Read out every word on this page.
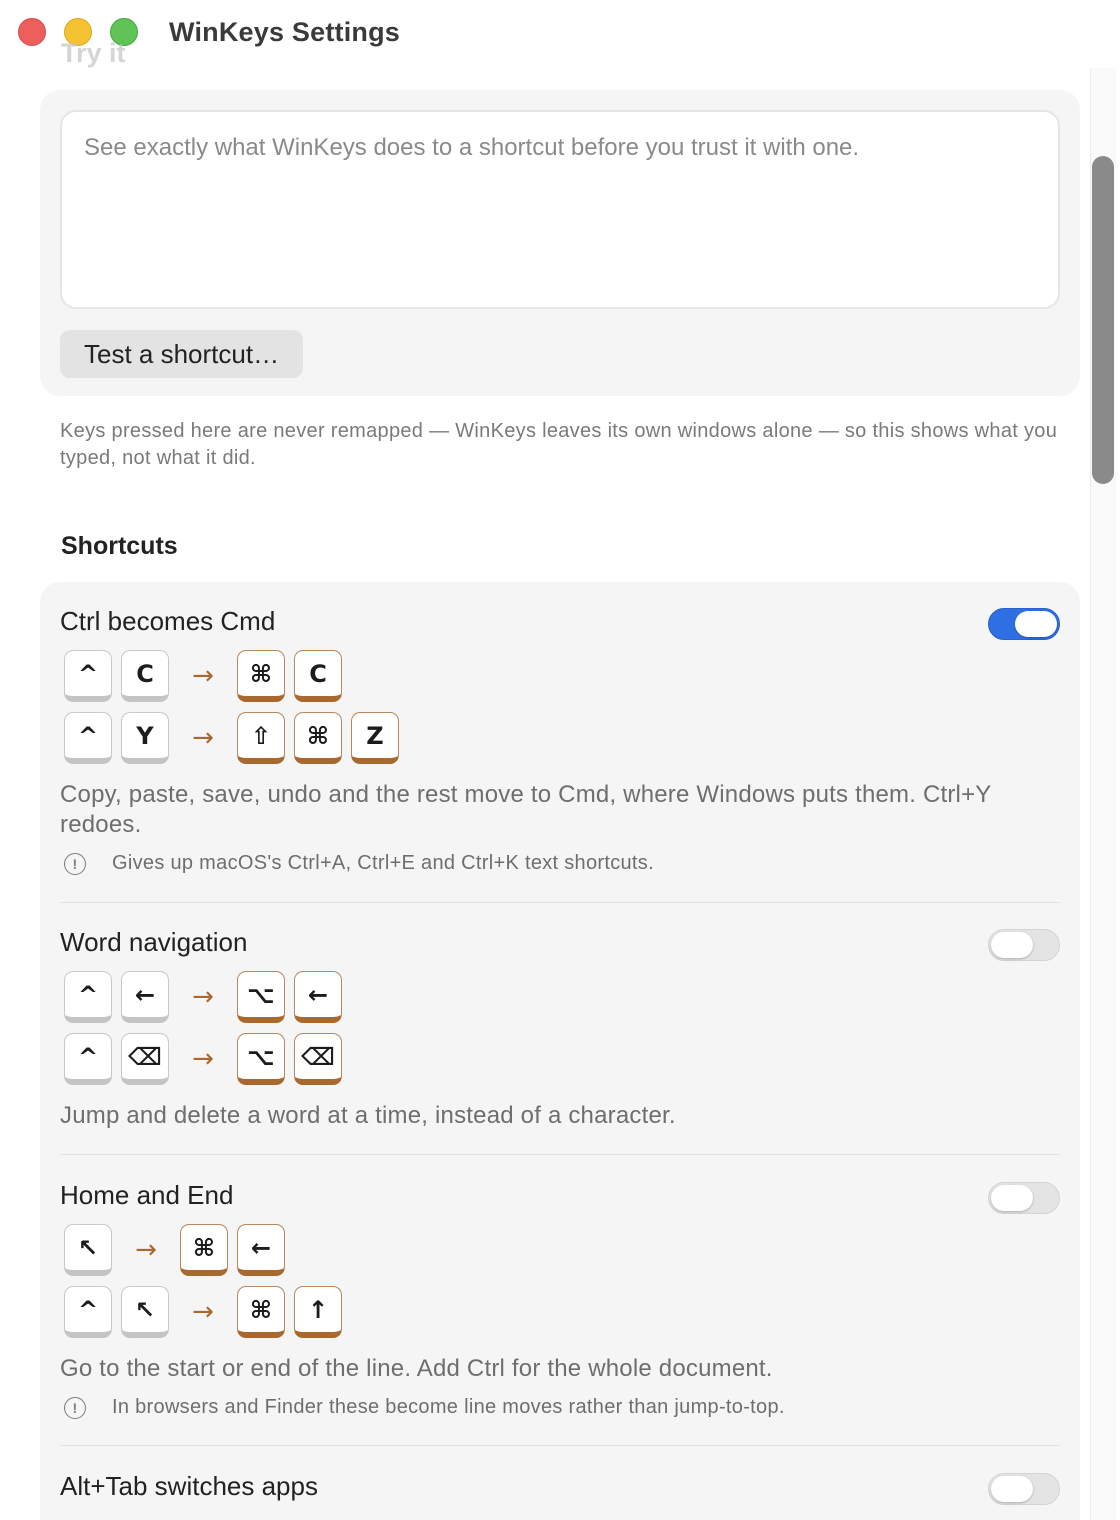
Try it
WinKeys Settings
See exactly what WinKeys does to a shortcut before you trust it with one.
Test a shortcut…
Keys pressed here are never remapped — WinKeys leaves its own windows alone — so this shows what you typed, not what it did.
Shortcuts
Ctrl becomes Cmd
^	C	→	⌘	C
^	Y	→	⇧	⌘	Z
Copy, paste, save, undo and the rest move to Cmd, where Windows puts them. Ctrl+Y redoes.
!	Gives up macOS's Ctrl+A, Ctrl+E and Ctrl+K text shortcuts.
Word navigation
^	←	→	⌥	←
^	⌫	→	⌥	⌫
Jump and delete a word at a time, instead of a character.
Home and End
↖	→	⌘	←
^	↖	→	⌘	↑
Go to the start or end of the line. Add Ctrl for the whole document.
!	In browsers and Finder these become line moves rather than jump-to-top.
Alt+Tab switches apps
